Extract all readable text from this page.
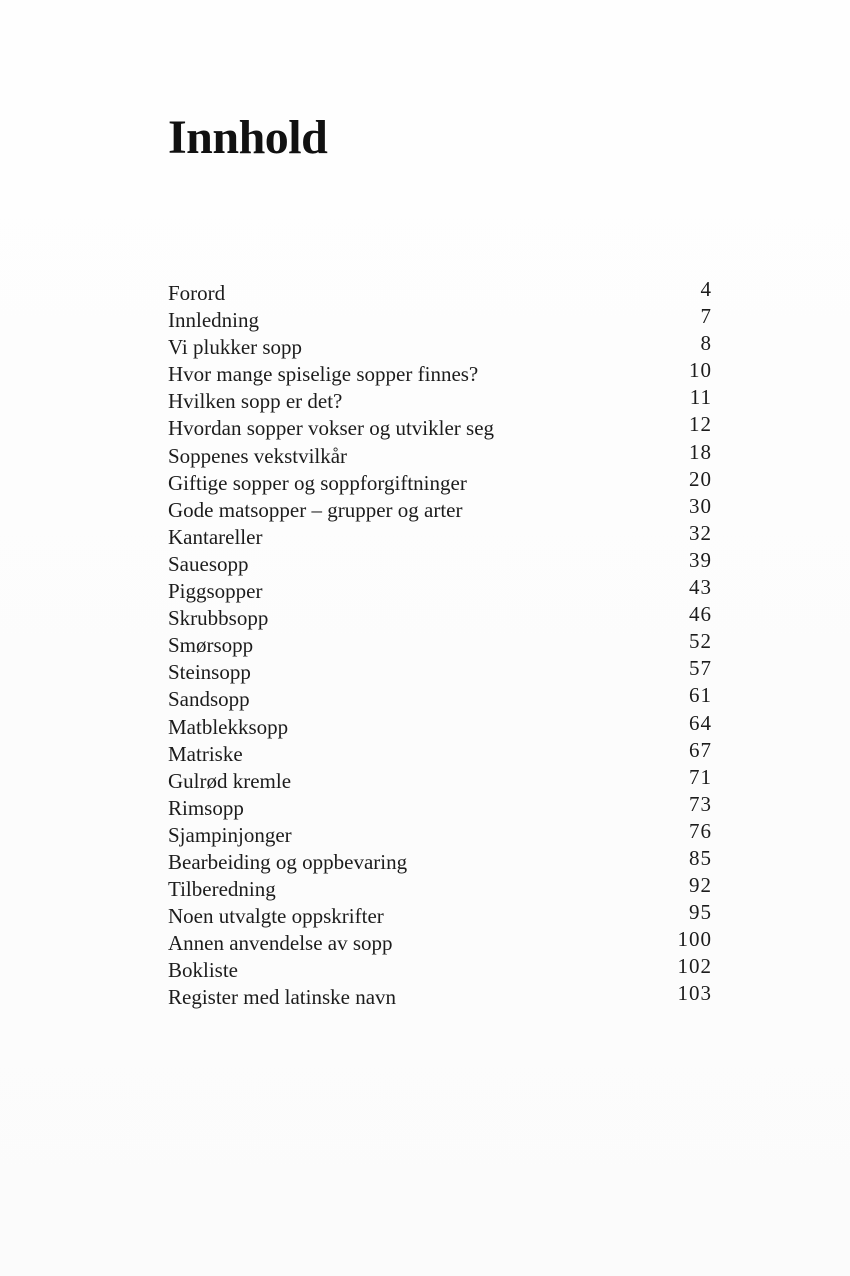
Innhold
Forord	4
Innledning	7
Vi plukker sopp	8
Hvor mange spiselige sopper finnes?	10
Hvilken sopp er det?	11
Hvordan sopper vokser og utvikler seg	12
Soppenes vekstvilkår	18
Giftige sopper og soppforgiftninger	20
Gode matsopper – grupper og arter	30
Kantareller	32
Sauesopp	39
Piggsopper	43
Skrubbsopp	46
Smørsopp	52
Steinsopp	57
Sandsopp	61
Matblekksopp	64
Matriske	67
Gulrød kremle	71
Rimsopp	73
Sjampinjonger	76
Bearbeiding og oppbevaring	85
Tilberedning	92
Noen utvalgte oppskrifter	95
Annen anvendelse av sopp	100
Bokliste	102
Register med latinske navn	103
